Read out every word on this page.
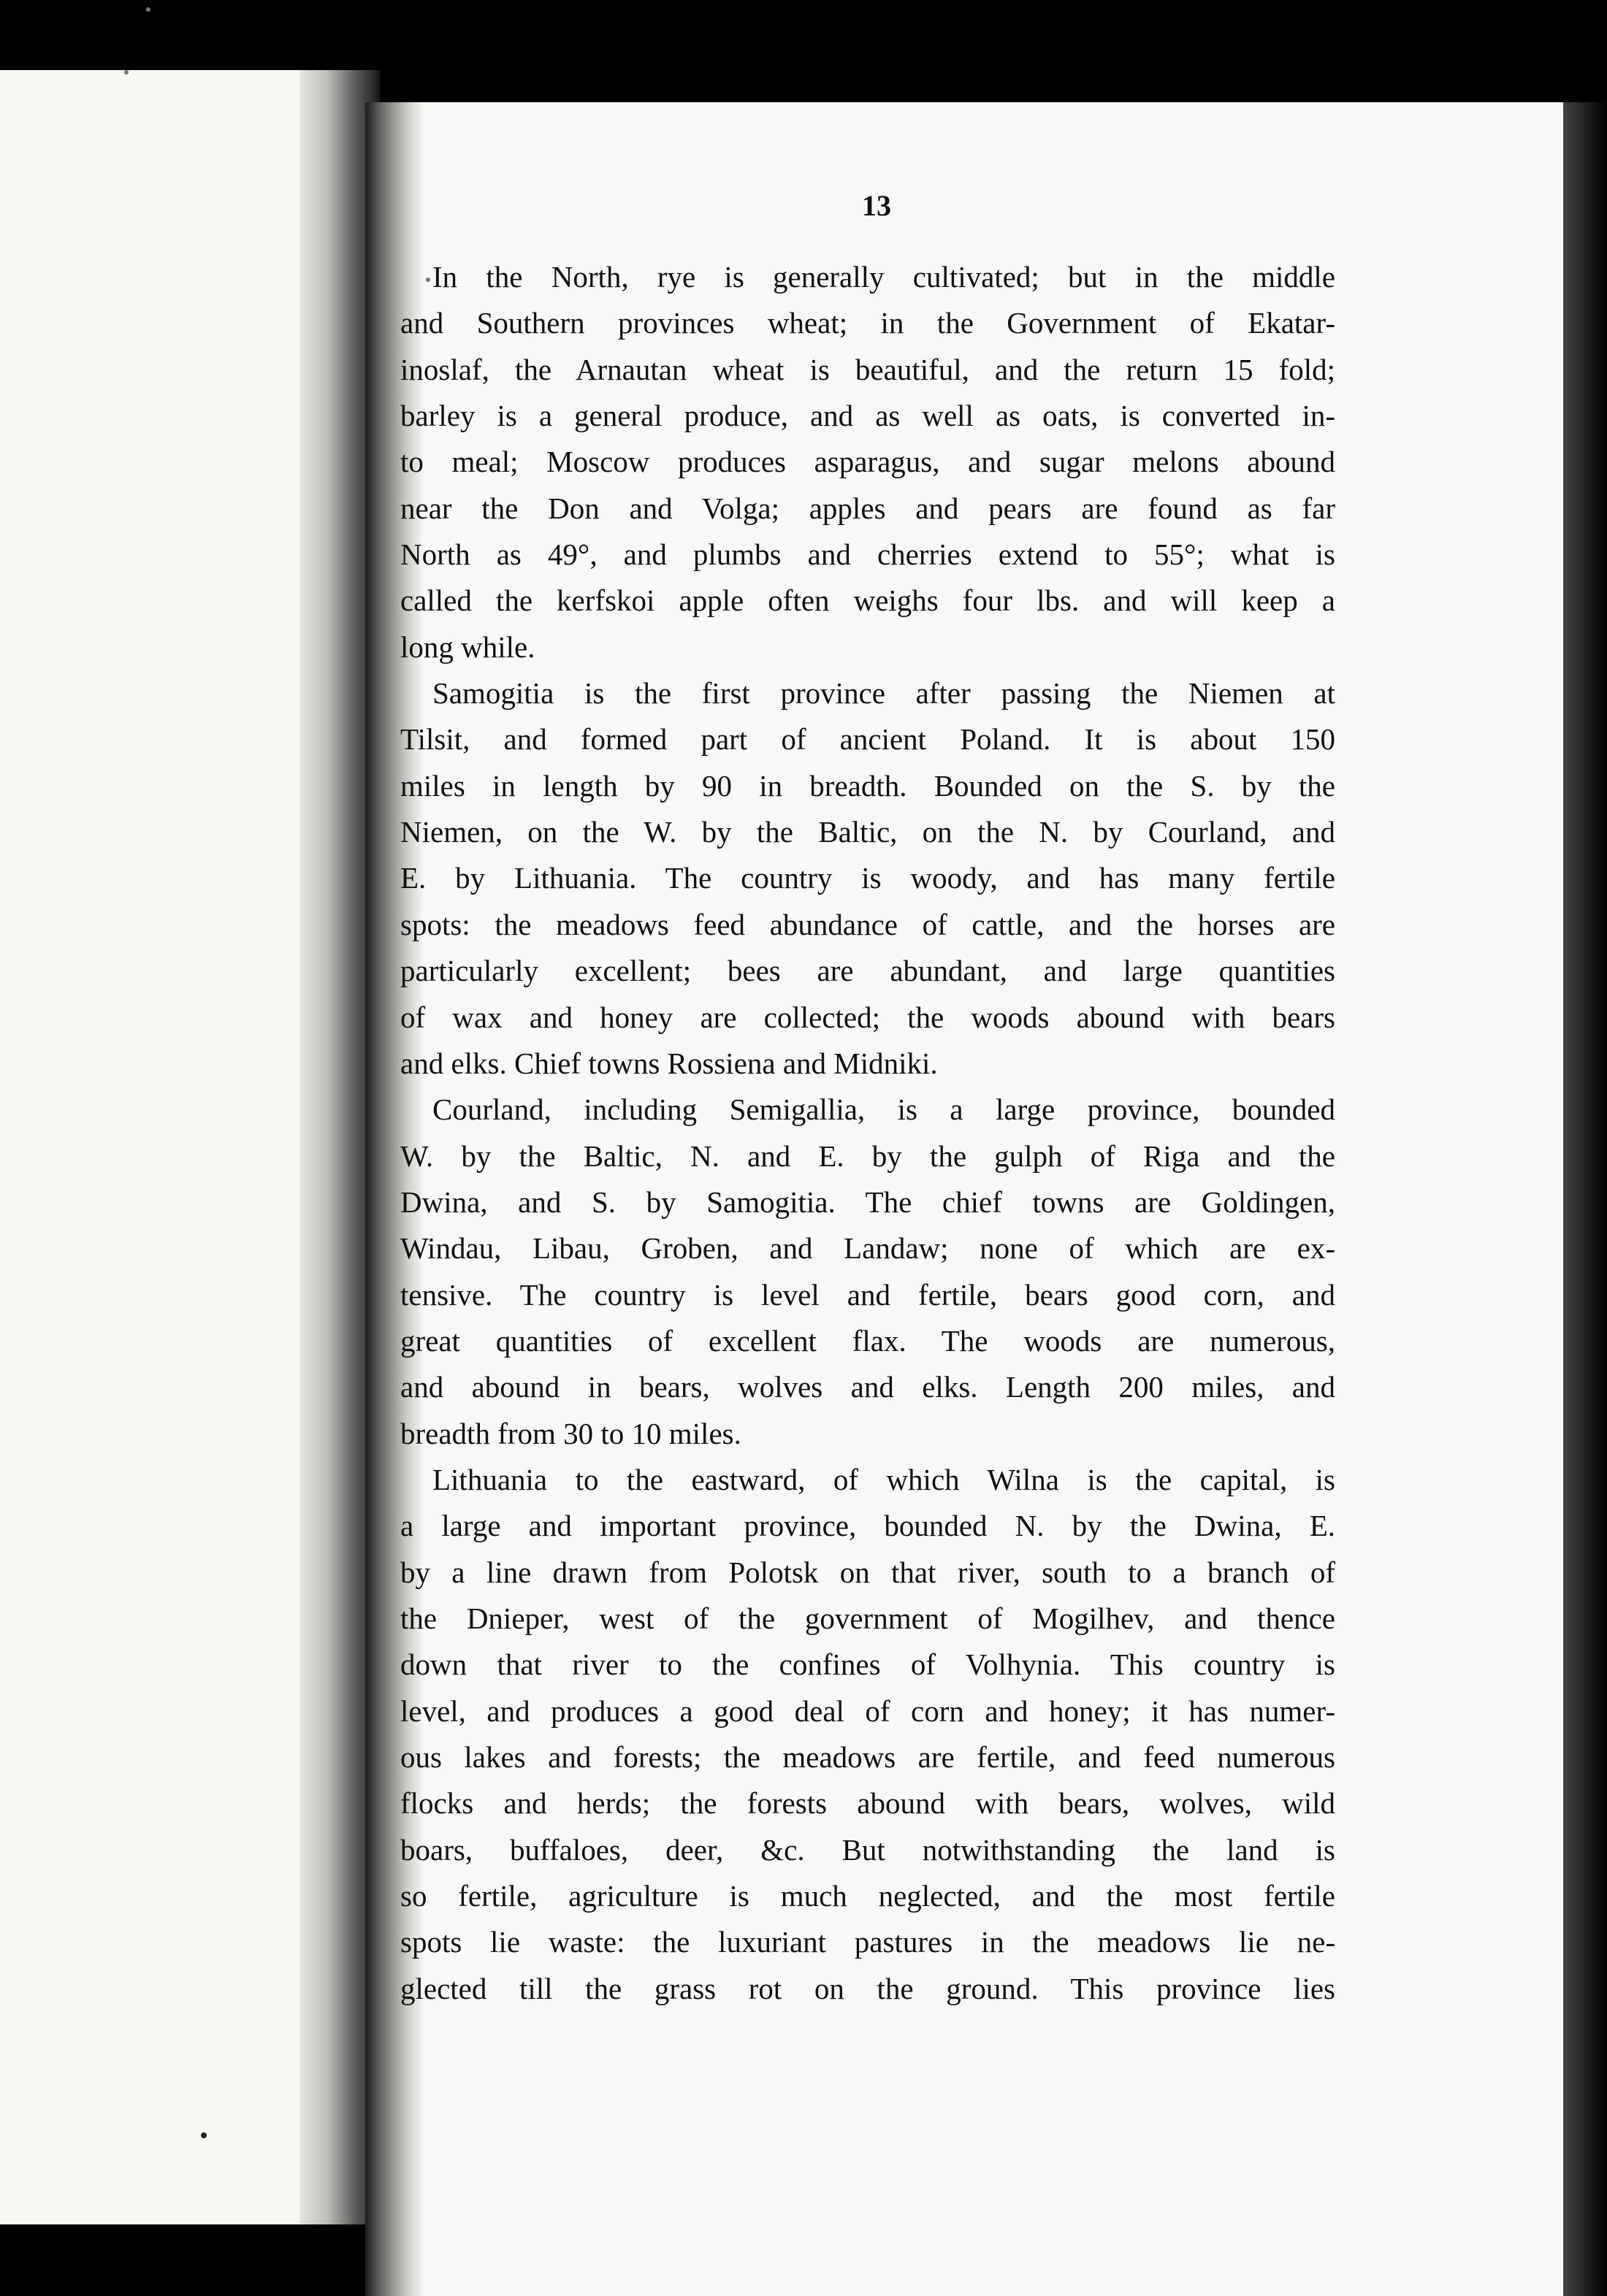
13
In the North, rye is generally cultivated; but in the middle
and Southern provinces wheat; in the Government of Ekatar-
inoslaf, the Arnautan wheat is beautiful, and the return 15 fold;
barley is a general produce, and as well as oats, is converted in-
to meal; Moscow produces asparagus, and sugar melons abound
near the Don and Volga; apples and pears are found as far
North as 49°, and plumbs and cherries extend to 55°; what is
called the kerfskoi apple often weighs four lbs. and will keep a
long while.
Samogitia is the first province after passing the Niemen at
Tilsit, and formed part of ancient Poland. It is about 150
miles in length by 90 in breadth. Bounded on the S. by the
Niemen, on the W. by the Baltic, on the N. by Courland, and
E. by Lithuania. The country is woody, and has many fertile
spots: the meadows feed abundance of cattle, and the horses are
particularly excellent; bees are abundant, and large quantities
of wax and honey are collected; the woods abound with bears
and elks. Chief towns Rossiena and Midniki.
Courland, including Semigallia, is a large province, bounded
W. by the Baltic, N. and E. by the gulph of Riga and the
Dwina, and S. by Samogitia. The chief towns are Goldingen,
Windau, Libau, Groben, and Landaw; none of which are ex-
tensive. The country is level and fertile, bears good corn, and
great quantities of excellent flax. The woods are numerous,
and abound in bears, wolves and elks. Length 200 miles, and
breadth from 30 to 10 miles.
Lithuania to the eastward, of which Wilna is the capital, is
a large and important province, bounded N. by the Dwina, E.
by a line drawn from Polotsk on that river, south to a branch of
the Dnieper, west of the government of Mogilhev, and thence
down that river to the confines of Volhynia. This country is
level, and produces a good deal of corn and honey; it has numer-
ous lakes and forests; the meadows are fertile, and feed numerous
flocks and herds; the forests abound with bears, wolves, wild
boars, buffaloes, deer, &c. But notwithstanding the land is
so fertile, agriculture is much neglected, and the most fertile
spots lie waste: the luxuriant pastures in the meadows lie ne-
glected till the grass rot on the ground. This province lies
